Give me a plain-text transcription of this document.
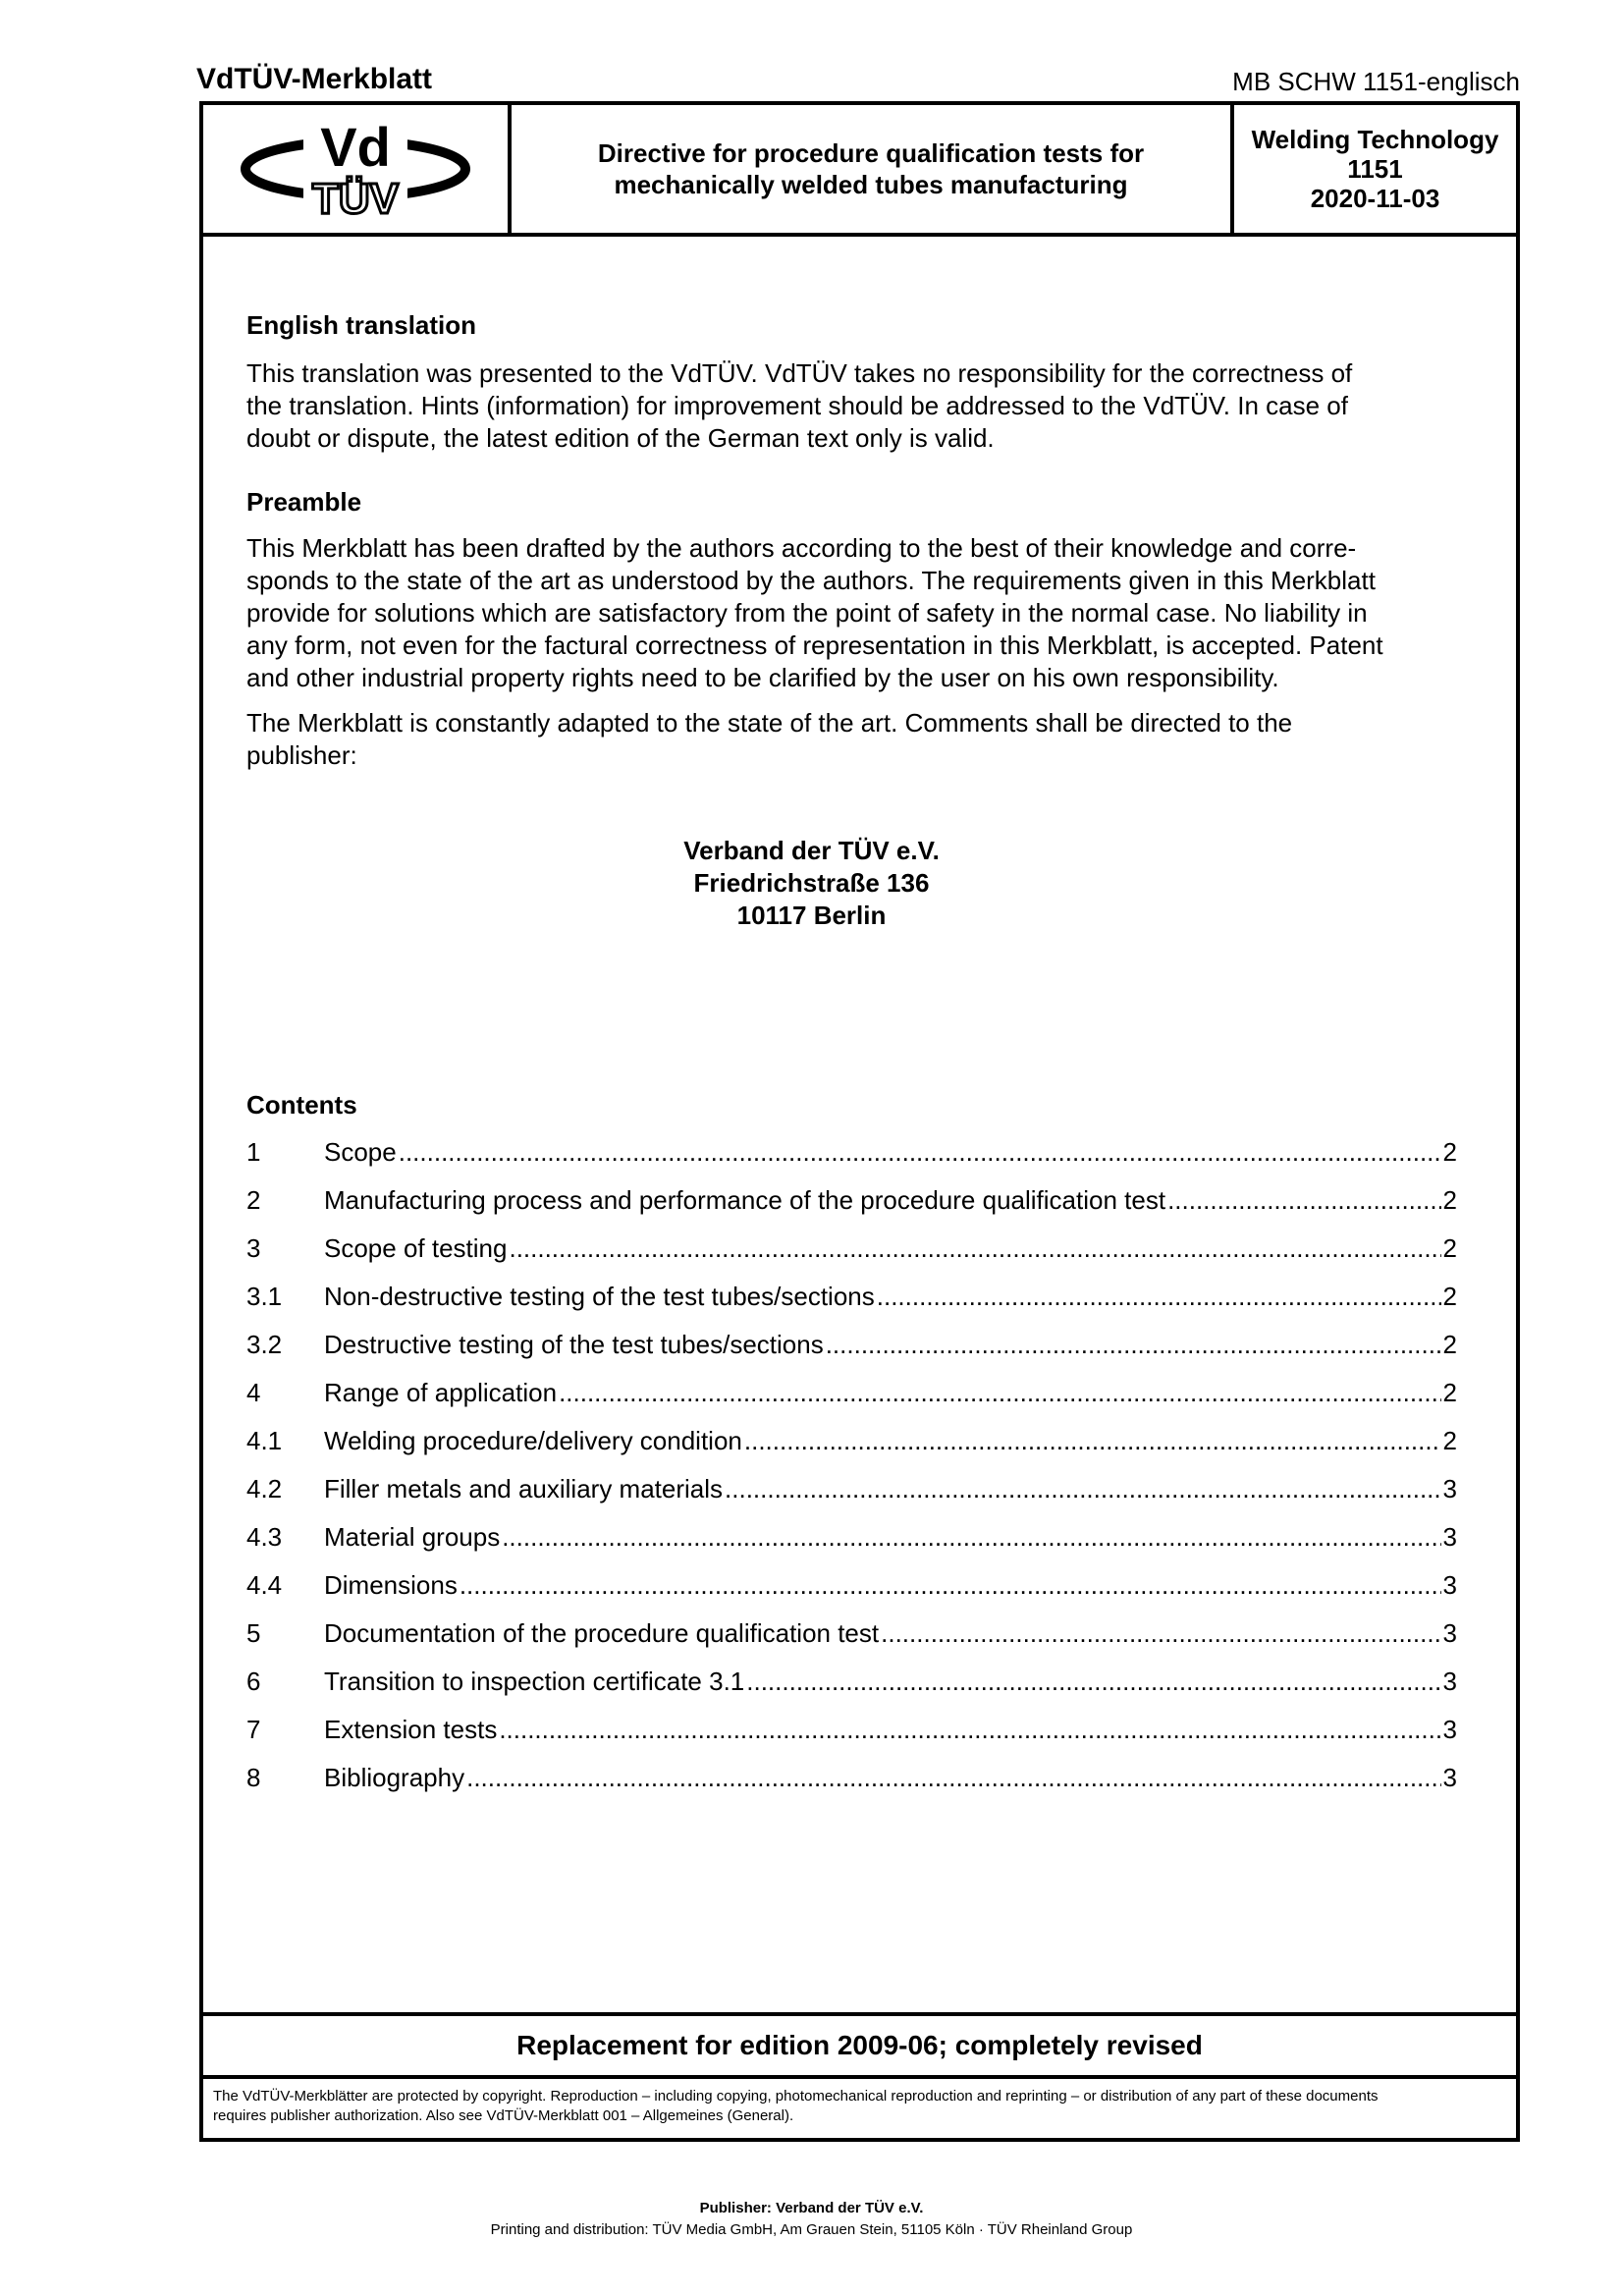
VdTÜV-Merkblatt	MB SCHW 1151-englisch
Vd
TÜV
Directive for procedure qualification tests for
mechanically welded tubes manufacturing
Welding Technology
1151
2020-11-03
English translation
This translation was presented to the VdTÜV. VdTÜV takes no responsibility for the correctness of
the translation. Hints (information) for improvement should be addressed to the VdTÜV. In case of
doubt or dispute, the latest edition of the German text only is valid.
Preamble
This Merkblatt has been drafted by the authors according to the best of their knowledge and corre-
sponds to the state of the art as understood by the authors. The requirements given in this Merkblatt
provide for solutions which are satisfactory from the point of safety in the normal case. No liability in
any form, not even for the factural correctness of representation in this Merkblatt, is accepted. Patent
and other industrial property rights need to be clarified by the user on his own responsibility.
The Merkblatt is constantly adapted to the state of the art. Comments shall be directed to the
publisher:
Verband der TÜV e.V.
Friedrichstraße 136
10117 Berlin
Contents
1	Scope .....	2
2	Manufacturing process and performance of the procedure qualification test .....	2
3	Scope of testing .....	2
3.1	Non-destructive testing of the test tubes/sections .....	2
3.2	Destructive testing of the test tubes/sections .....	2
4	Range of application .....	2
4.1	Welding procedure/delivery condition .....	2
4.2	Filler metals and auxiliary materials .....	3
4.3	Material groups .....	3
4.4	Dimensions .....	3
5	Documentation of the procedure qualification test .....	3
6	Transition to inspection certificate 3.1 .....	3
7	Extension tests .....	3
8	Bibliography .....	3
Replacement for edition 2009-06; completely revised
The VdTÜV-Merkblätter are protected by copyright. Reproduction – including copying, photomechanical reproduction and reprinting – or distribution of any part of these documents
requires publisher authorization. Also see VdTÜV-Merkblatt 001 – Allgemeines (General).
Publisher: Verband der TÜV e.V.
Printing and distribution: TÜV Media GmbH, Am Grauen Stein, 51105 Köln · TÜV Rheinland Group
